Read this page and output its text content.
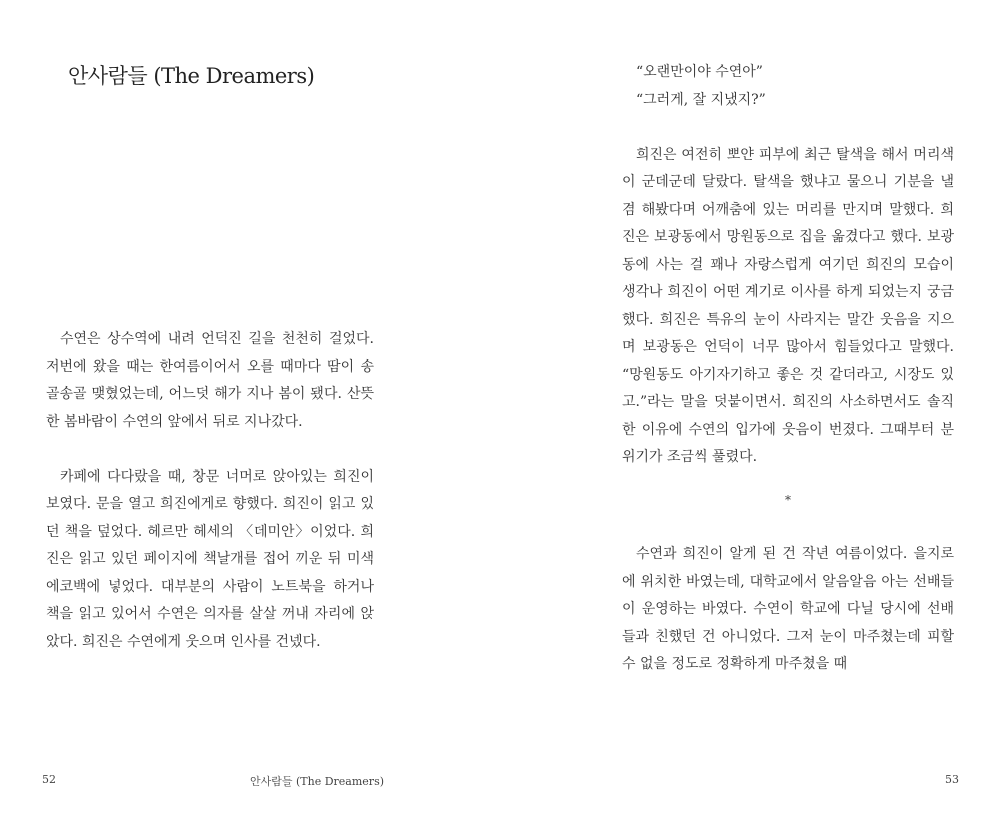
안사람들 (The Dreamers)

수연은 상수역에 내려 언덕진 길을 천천히 걸었다. 저번에 왔을 때는 한여름이어서 오를 때마다 땀이 송골송골 맺혔었는데, 어느덧 해가 지나 봄이 됐다. 산뜻한 봄바람이 수연의 앞에서 뒤로 지나갔다.

카페에 다다랐을 때, 창문 너머로 앉아있는 희진이 보였다. 문을 열고 희진에게로 향했다. 희진이 읽고 있던 책을 덮었다. 헤르만 헤세의 〈데미안〉이었다. 희진은 읽고 있던 페이지에 책날개를 접어 끼운 뒤 미색 에코백에 넣었다. 대부분의 사람이 노트북을 하거나 책을 읽고 있어서 수연은 의자를 살살 꺼내 자리에 앉았다. 희진은 수연에게 웃으며 인사를 건넸다.

52	안사람들 (The Dreamers)

“오랜만이야 수연아”

“그러게, 잘 지냈지?”

희진은 여전히 뽀얀 피부에 최근 탈색을 해서 머리색이 군데군데 달랐다. 탈색을 했냐고 물으니 기분을 낼 겸 해봤다며 어깨춤에 있는 머리를 만지며 말했다. 희진은 보광동에서 망원동으로 집을 옮겼다고 했다. 보광동에 사는 걸 꽤나 자랑스럽게 여기던 희진의 모습이 생각나 희진이 어떤 계기로 이사를 하게 되었는지 궁금했다. 희진은 특유의 눈이 사라지는 말간 웃음을 지으며 보광동은 언덕이 너무 많아서 힘들었다고 말했다. “망원동도 아기자기하고 좋은 것 같더라고, 시장도 있고.”라는 말을 덧붙이면서. 희진의 사소하면서도 솔직한 이유에 수연의 입가에 웃음이 번졌다. 그때부터 분위기가 조금씩 풀렸다.

*

수연과 희진이 알게 된 건 작년 여름이었다. 을지로에 위치한 바였는데, 대학교에서 알음알음 아는 선배들이 운영하는 바였다. 수연이 학교에 다닐 당시에 선배들과 친했던 건 아니었다. 그저 눈이 마주쳤는데 피할 수 없을 정도로 정확하게 마주쳤을 때

53
